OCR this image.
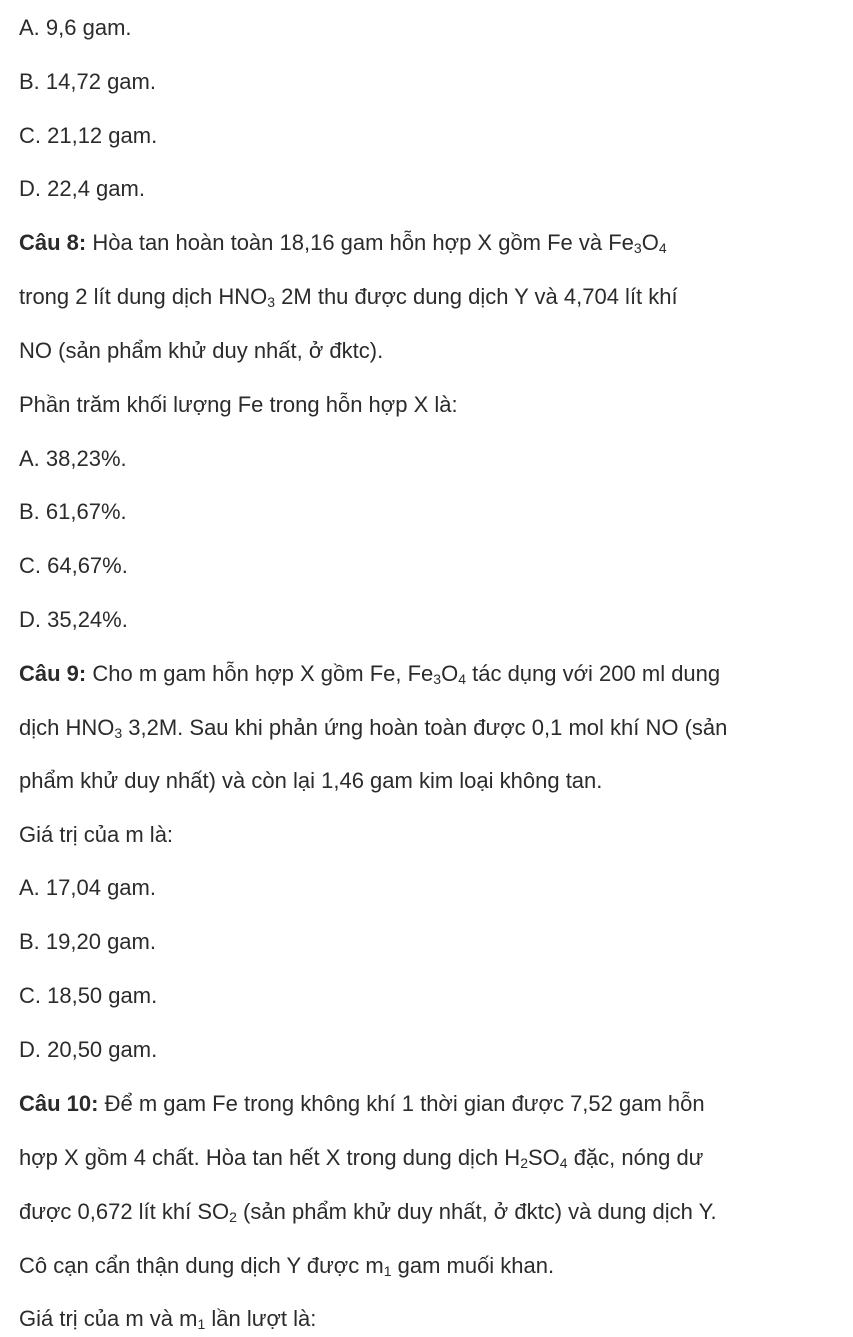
A. 9,6 gam.
B. 14,72 gam.
C. 21,12 gam.
D. 22,4 gam.
Câu 8: Hòa tan hoàn toàn 18,16 gam hỗn hợp X gồm Fe và $Fe_3O_4$
trong 2 lít dung dịch $HNO_3$ 2M thu được dung dịch Y và 4,704 lít khí
NO (sản phẩm khử duy nhất, ở đktc).
Phần trăm khối lượng Fe trong hỗn hợp X là:
A. 38,23%.
B. 61,67%.
C. 64,67%.
D. 35,24%.
Câu 9: Cho m gam hỗn hợp X gồm Fe, $Fe_3O_4$ tác dụng với 200 ml dung
dịch $HNO_3$ 3,2M. Sau khi phản ứng hoàn toàn được 0,1 mol khí NO (sản
phẩm khử duy nhất) và còn lại 1,46 gam kim loại không tan.
Giá trị của m là:
A. 17,04 gam.
B. 19,20 gam.
C. 18,50 gam.
D. 20,50 gam.
Câu 10: Để m gam Fe trong không khí 1 thời gian được 7,52 gam hỗn
hợp X gồm 4 chất. Hòa tan hết X trong dung dịch $H_2SO_4$ đặc, nóng dư
được 0,672 lít khí $SO_2$ (sản phẩm khử duy nhất, ở đktc) và dung dịch Y.
Cô cạn cẩn thận dung dịch Y được $m_1$ gam muối khan.
Giá trị của m và $m_1$ lần lượt là:
